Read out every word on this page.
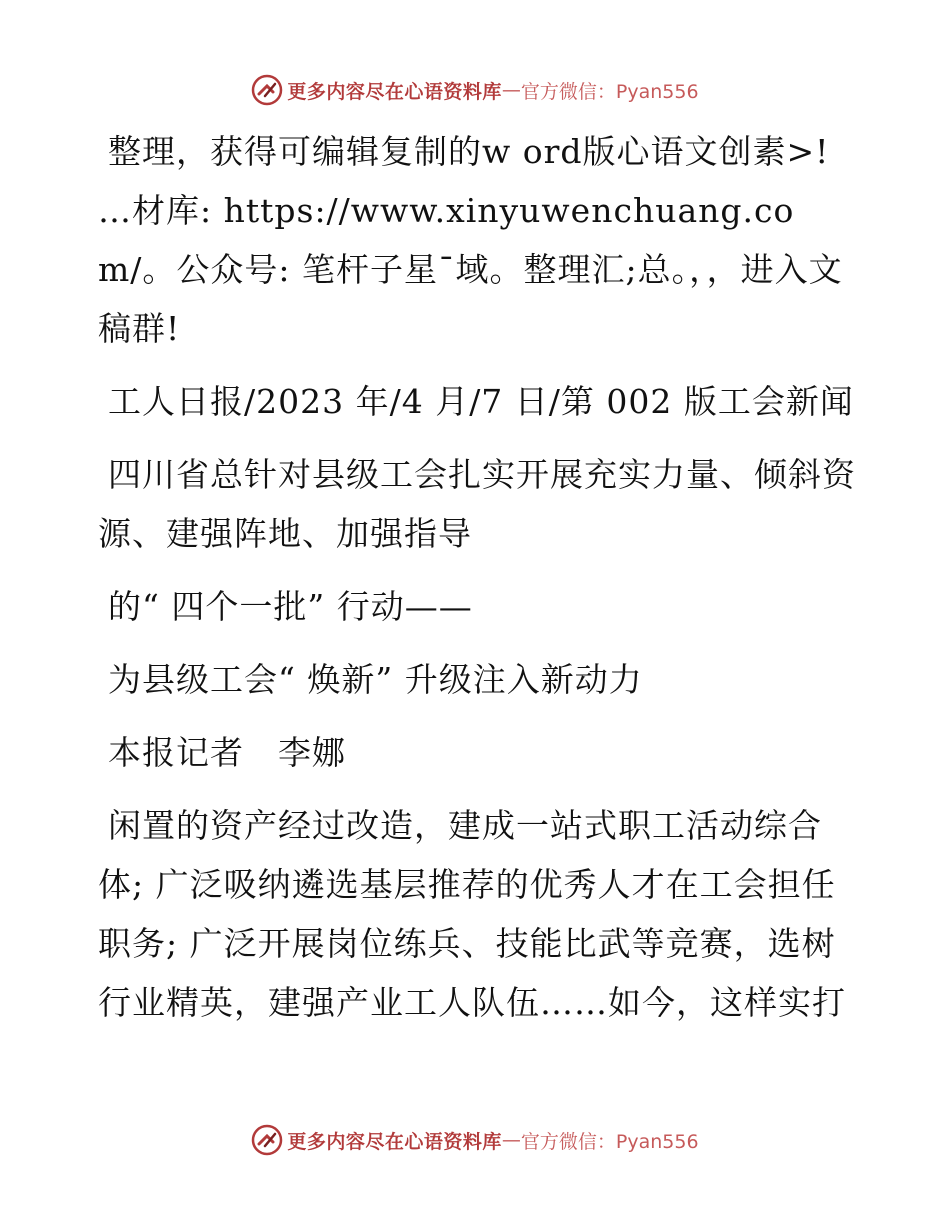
更多内容尽在心语资料库 — 官方微信：Pyan556

整理，获得可编辑复制的w ord版心语文创素>! …材库: https://www.xinyuwenchuang.com/。公众号: 笔杆子星¯域。整理汇;总。，，进入文稿群!

工人日报/2023 年/4 月/7 日/第 002 版工会新闻

四川省总针对县级工会扎实开展充实力量、倾斜资源、建强阵地、加强指导

的“ 四个一批” 行动——

为县级工会“ 焕新” 升级注入新动力

本报记者　李娜

闲置的资产经过改造，建成一站式职工活动综合体; 广泛吸纳遴选基层推荐的优秀人才在工会担任职务; 广泛开展岗位练兵、技能比武等竞赛，选树行业精英，建强产业工人队伍……如今，这样实打

更多内容尽在心语资料库 — 官方微信：Pyan556
